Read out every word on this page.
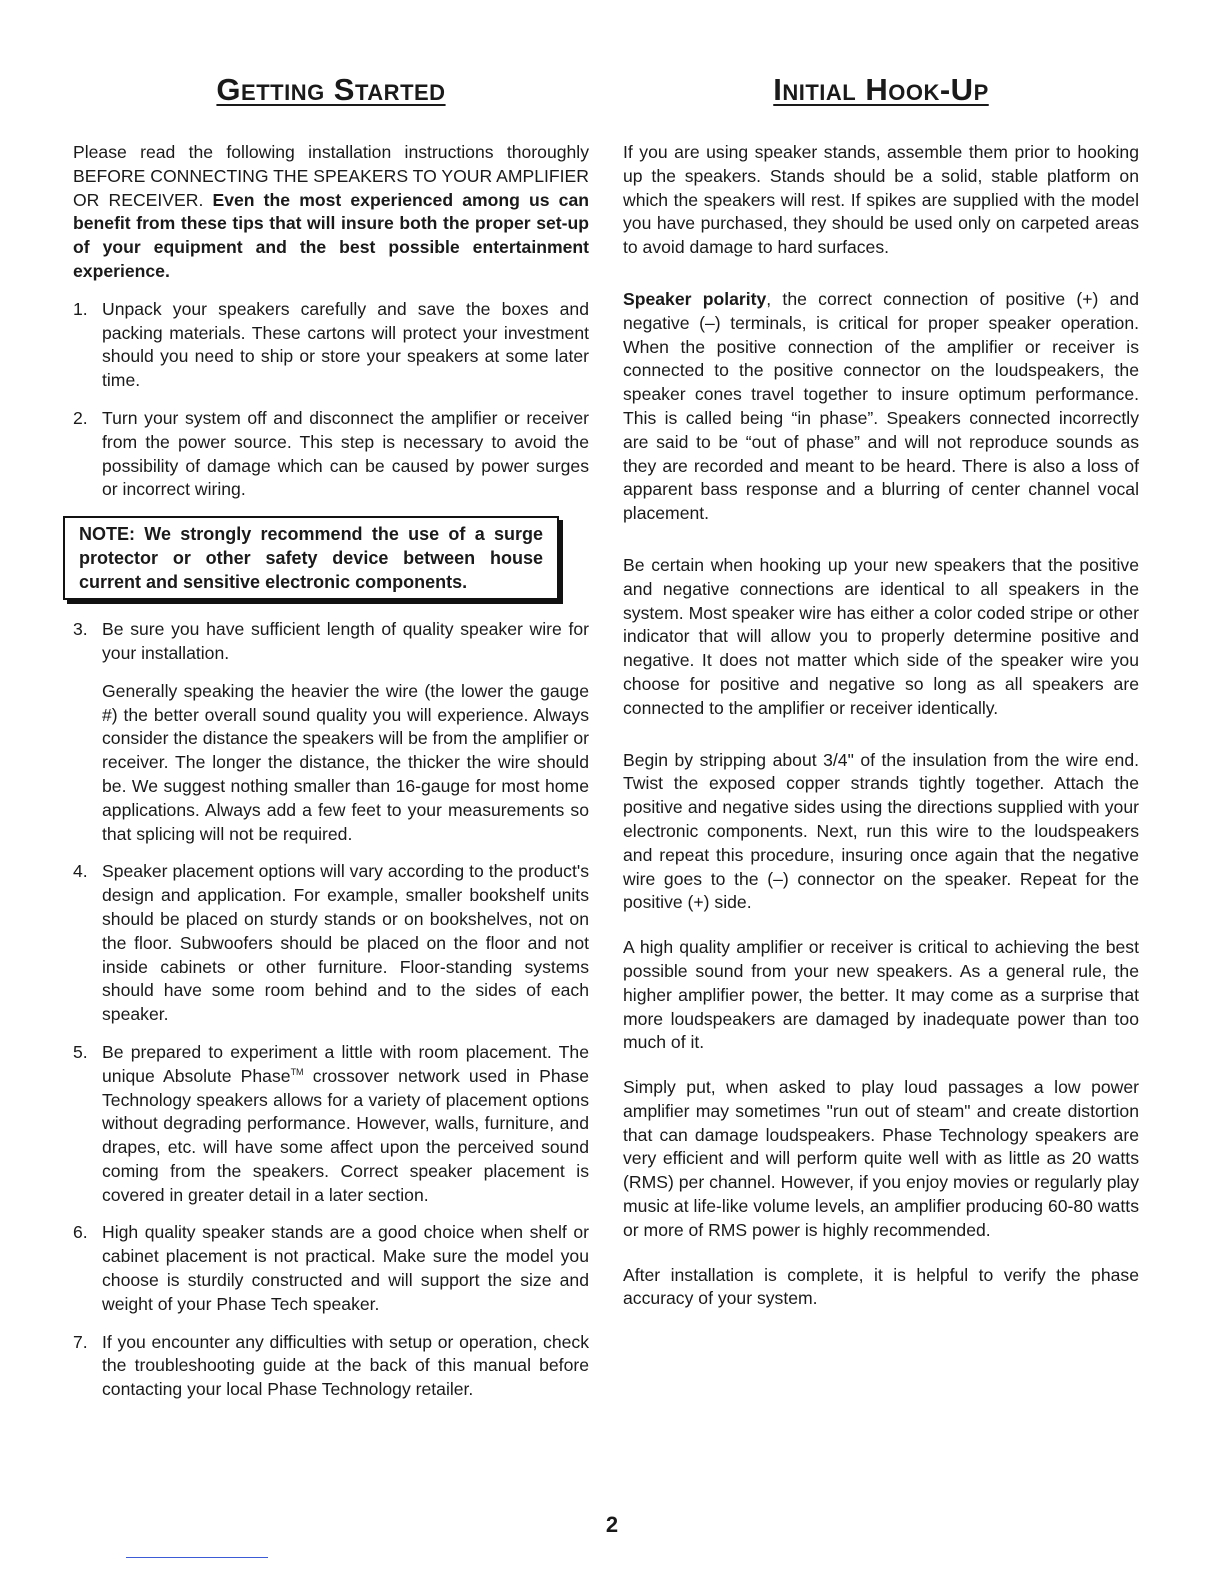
Getting Started

Please read the following installation instructions thoroughly BEFORE CONNECTING THE SPEAKERS TO YOUR AMPLIFIER OR RECEIVER. Even the most experienced among us can benefit from these tips that will insure both the proper set-up of your equipment and the best possible entertainment experience.

1. Unpack your speakers carefully and save the boxes and packing materials. These cartons will protect your investment should you need to ship or store your speakers at some later time.
2. Turn your system off and disconnect the amplifier or receiver from the power source. This step is necessary to avoid the possibility of damage which can be caused by power surges or incorrect wiring.

NOTE: We strongly recommend the use of a surge protector or other safety device between house current and sensitive electronic components.

3. Be sure you have sufficient length of quality speaker wire for your installation.
Generally speaking the heavier the wire (the lower the gauge #) the better overall sound quality you will experience. Always consider the distance the speakers will be from the amplifier or receiver. The longer the distance, the thicker the wire should be. We suggest nothing smaller than 16-gauge for most home applications. Always add a few feet to your measurements so that splicing will not be required.
4. Speaker placement options will vary according to the product's design and application. For example, smaller bookshelf units should be placed on sturdy stands or on bookshelves, not on the floor. Subwoofers should be placed on the floor and not inside cabinets or other furniture. Floor-standing systems should have some room behind and to the sides of each speaker.
5. Be prepared to experiment a little with room placement. The unique Absolute Phase™ crossover network used in Phase Technology speakers allows for a variety of placement options without degrading performance. However, walls, furniture, and drapes, etc. will have some affect upon the perceived sound coming from the speakers. Correct speaker placement is covered in greater detail in a later section.
6. High quality speaker stands are a good choice when shelf or cabinet placement is not practical. Make sure the model you choose is sturdily constructed and will support the size and weight of your Phase Tech speaker.
7. If you encounter any difficulties with setup or operation, check the troubleshooting guide at the back of this manual before contacting your local Phase Technology retailer.
Initial Hook-Up

If you are using speaker stands, assemble them prior to hooking up the speakers. Stands should be a solid, stable platform on which the speakers will rest. If spikes are supplied with the model you have purchased, they should be used only on carpeted areas to avoid damage to hard surfaces.

Speaker polarity, the correct connection of positive (+) and negative (–) terminals, is critical for proper speaker operation. When the positive connection of the amplifier or receiver is connected to the positive connector on the loudspeakers, the speaker cones travel together to insure optimum performance. This is called being “in phase”. Speakers connected incorrectly are said to be “out of phase” and will not reproduce sounds as they are recorded and meant to be heard. There is also a loss of apparent bass response and a blurring of center channel vocal placement.

Be certain when hooking up your new speakers that the positive and negative connections are identical to all speakers in the system. Most speaker wire has either a color coded stripe or other indicator that will allow you to properly determine positive and negative. It does not matter which side of the speaker wire you choose for positive and negative so long as all speakers are connected to the amplifier or receiver identically.

Begin by stripping about 3/4" of the insulation from the wire end. Twist the exposed copper strands tightly together. Attach the positive and negative sides using the directions supplied with your electronic components. Next, run this wire to the loudspeakers and repeat this procedure, insuring once again that the negative wire goes to the (–) connector on the speaker. Repeat for the positive (+) side.

A high quality amplifier or receiver is critical to achieving the best possible sound from your new speakers. As a general rule, the higher amplifier power, the better. It may come as a surprise that more loudspeakers are damaged by inadequate power than too much of it.

Simply put, when asked to play loud passages a low power amplifier may sometimes "run out of steam" and create distortion that can damage loudspeakers. Phase Technology speakers are very efficient and will perform quite well with as little as 20 watts (RMS) per channel. However, if you enjoy movies or regularly play music at life-like volume levels, an amplifier producing 60-80 watts or more of RMS power is highly recommended.

After installation is complete, it is helpful to verify the phase accuracy of your system.

2
